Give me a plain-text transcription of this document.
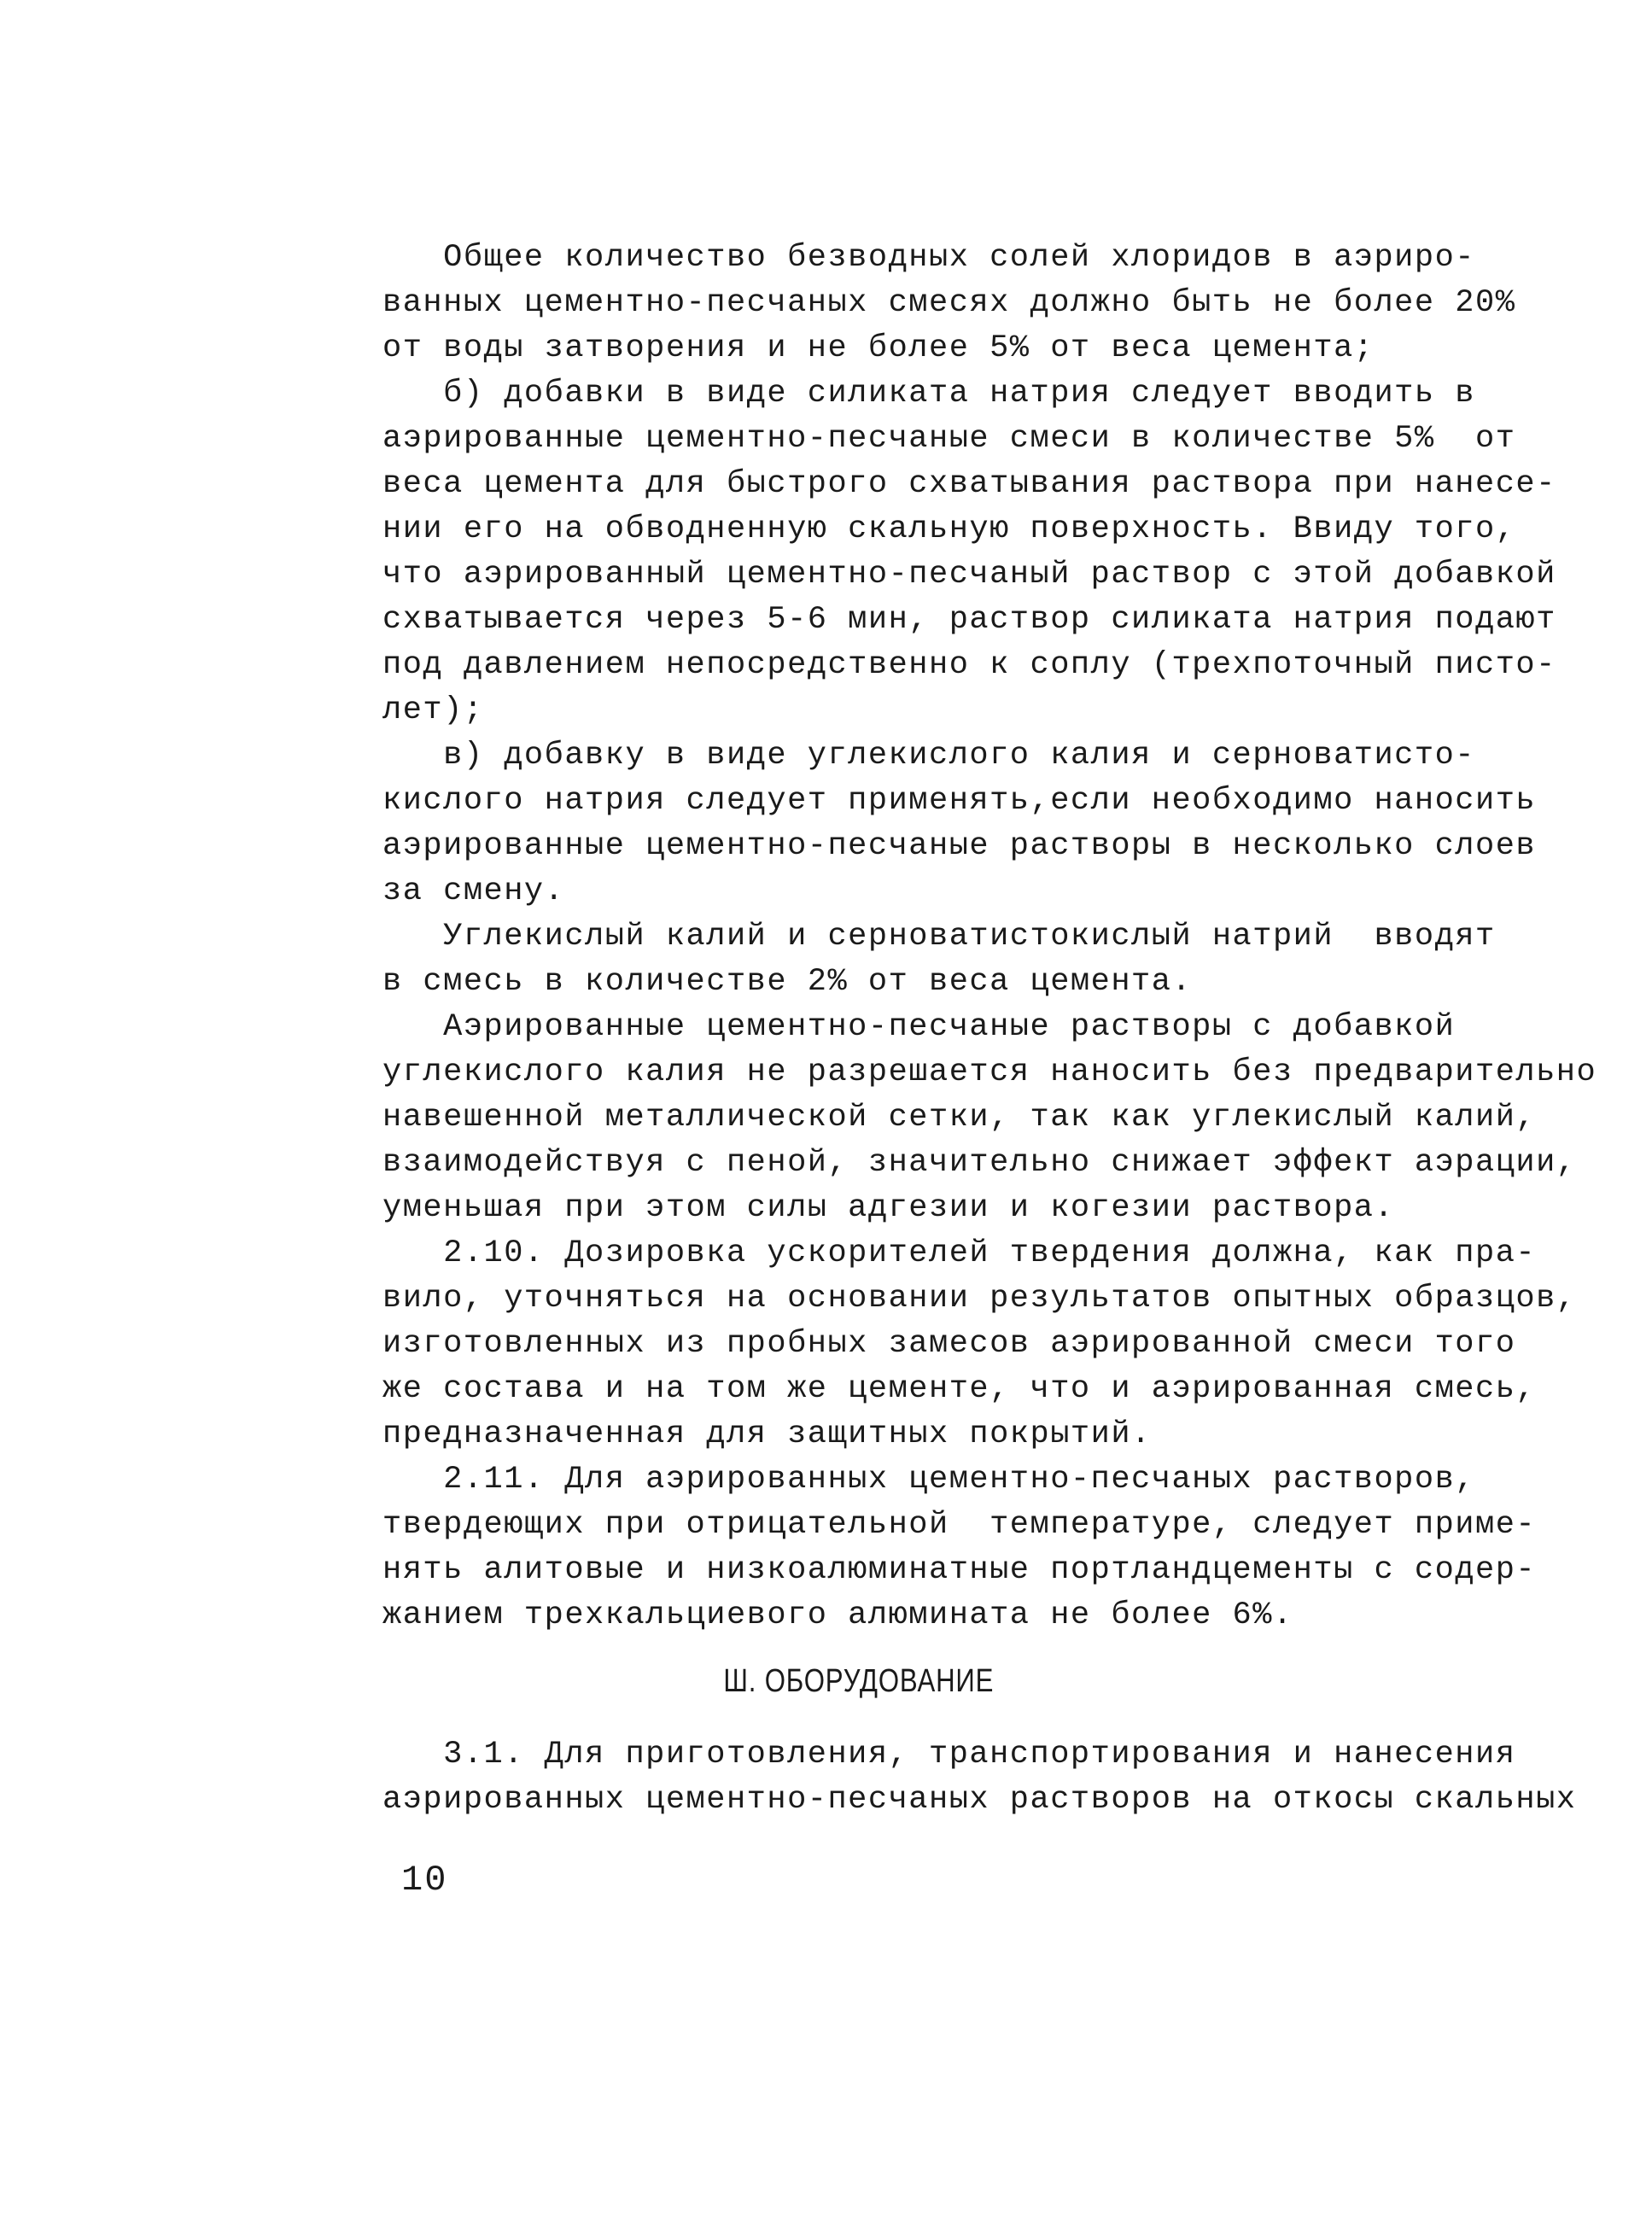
Общее количество безводных солей хлоридов в аэриро-
ванных цементно-песчаных смесях должно быть не более 20%
от воды затворения и не более 5% от веса цемента;
б) добавки в виде силиката натрия следует вводить в
аэрированные цементно-песчаные смеси в количестве 5%  от
веса цемента для быстрого схватывания раствора при нанесе-
нии его на обводненную скальную поверхность. Ввиду того,
что аэрированный цементно-песчаный раствор с этой добавкой
схватывается через 5-6 мин, раствор силиката натрия подают
под давлением непосредственно к соплу (трехпоточный писто-
лет);
в) добавку в виде углекислого калия и серноватисто-
кислого натрия следует применять,если необходимо наносить
аэрированные цементно-песчаные растворы в несколько слоев
за смену.
Углекислый калий и серноватистокислый натрий  вводят
в смесь в количестве 2% от веса цемента.
Аэрированные цементно-песчаные растворы с добавкой
углекислого калия не разрешается наносить без предварительно
навешенной металлической сетки, так как углекислый калий,
взаимодействуя с пеной, значительно снижает эффект аэрации,
уменьшая при этом силы адгезии и когезии раствора.
2.10. Дозировка ускорителей твердения должна, как пра-
вило, уточняться на основании результатов опытных образцов,
изготовленных из пробных замесов аэрированной смеси того
же состава и на том же цементе, что и аэрированная смесь,
предназначенная для защитных покрытий.
2.11. Для аэрированных цементно-песчаных растворов,
твердеющих при отрицательной  температуре, следует приме-
нять алитовые и низкоалюминатные портландцементы с содер-
жанием трехкальциевого алюмината не более 6%.
Ш. ОБОРУДОВАНИЕ
3.1. Для приготовления, транспортирования и нанесения
аэрированных цементно-песчаных растворов на откосы скальных
10
